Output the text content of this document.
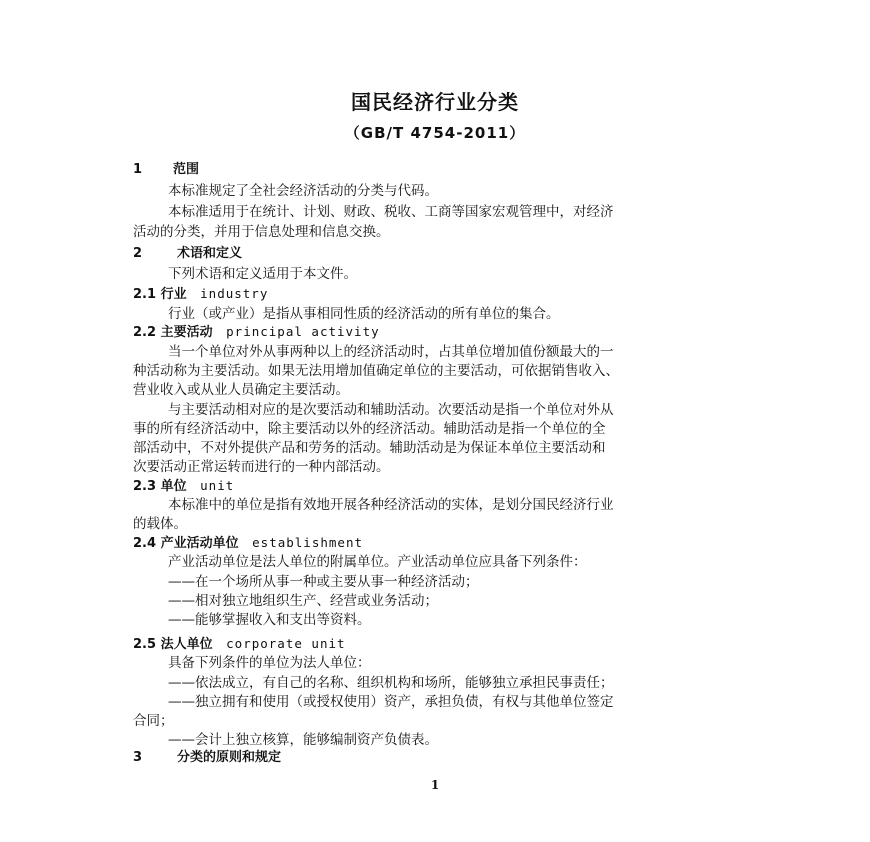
国民经济行业分类
（GB/T 4754-2011）
1 范围
本标准规定了全社会经济活动的分类与代码。
本标准适用于在统计、计划、财政、税收、工商等国家宏观管理中，对经济
活动的分类，并用于信息处理和信息交换。
2	术语和定义
下列术语和定义适用于本文件。
2.1 行业 industry
行业（或产业）是指从事相同性质的经济活动的所有单位的集合。
2.2 主要活动 principal activity
当一个单位对外从事两种以上的经济活动时，占其单位增加值份额最大的一
种活动称为主要活动。如果无法用增加值确定单位的主要活动，可依据销售收入、
营业收入或从业人员确定主要活动。
与主要活动相对应的是次要活动和辅助活动。次要活动是指一个单位对外从
事的所有经济活动中，除主要活动以外的经济活动。辅助活动是指一个单位的全
部活动中，不对外提供产品和劳务的活动。辅助活动是为保证本单位主要活动和
次要活动正常运转而进行的一种内部活动。
2.3 单位 unit
本标准中的单位是指有效地开展各种经济活动的实体，是划分国民经济行业
的载体。
2.4 产业活动单位 establishment
产业活动单位是法人单位的附属单位。产业活动单位应具备下列条件：
——在一个场所从事一种或主要从事一种经济活动；
——相对独立地组织生产、经营或业务活动；
——能够掌握收入和支出等资料。
2.5 法人单位 corporate unit
具备下列条件的单位为法人单位：
——依法成立，有自己的名称、组织机构和场所，能够独立承担民事责任；
——独立拥有和使用（或授权使用）资产，承担负债，有权与其他单位签定
合同；
——会计上独立核算，能够编制资产负债表。
3	分类的原则和规定
1
